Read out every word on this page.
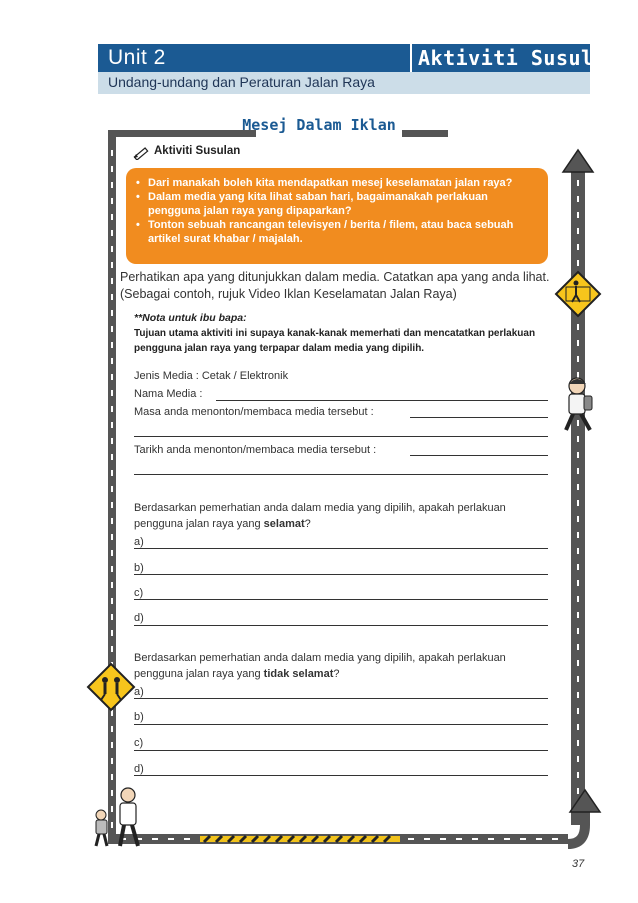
Unit 2	Aktiviti Susulan
Undang-undang dan Peraturan Jalan Raya
Mesej Dalam Iklan
Aktiviti Susulan
• Dari manakah boleh kita mendapatkan mesej keselamatan jalan raya?
• Dalam media yang kita lihat saban hari, bagaimanakah perlakuan pengguna jalan raya yang dipaparkan?
• Tonton sebuah rancangan televisyen / berita / filem, atau baca sebuah artikel surat khabar / majalah.
Perhatikan apa yang ditunjukkan dalam media. Catatkan apa yang anda lihat. (Sebagai contoh, rujuk Video Iklan Keselamatan Jalan Raya)
**Nota untuk ibu bapa:
Tujuan utama aktiviti ini supaya kanak-kanak memerhati dan mencatatkan perlakuan pengguna jalan raya yang terpapar dalam media yang dipilih.
Jenis Media : Cetak / Elektronik
Nama Media :
Masa anda menonton/membaca media tersebut :
Tarikh anda menonton/membaca media tersebut :
Berdasarkan pemerhatian anda dalam media yang dipilih, apakah perlakuan pengguna jalan raya yang selamat?
a)
b)
c)
d)
Berdasarkan pemerhatian anda dalam media yang dipilih, apakah perlakuan pengguna jalan raya yang tidak selamat?
a)
b)
c)
d)
37
